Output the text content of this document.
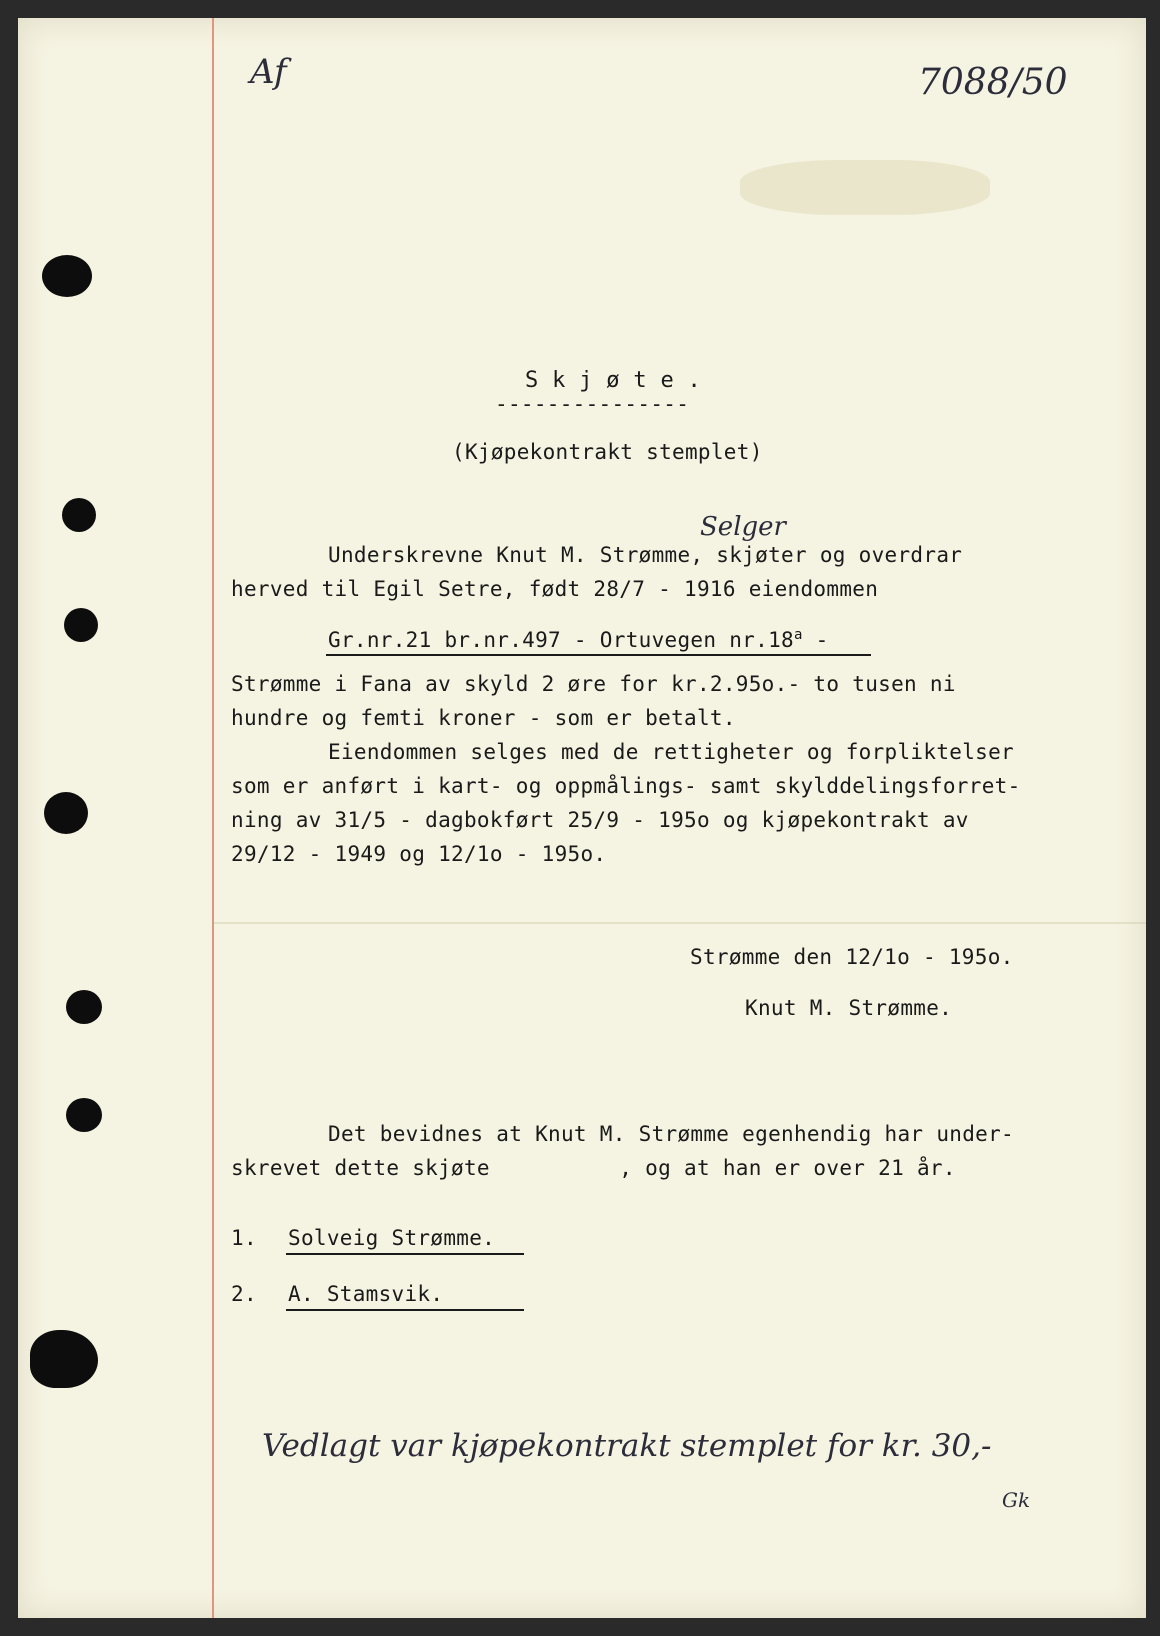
Af	7088/50
S k j ø t e .
---------------
(Kjøpekontrakt stemplet)
Selger
Underskrevne Knut M. Strømme, skjøter og overdrar
herved til Egil Setre, født 28/7 - 1916 eiendommen
Gr.nr.21 br.nr.497 - Ortuvegen nr.18$^a$ -
Strømme i Fana av skyld 2 øre for kr.2.95o.- to tusen ni
hundre og femti kroner - som er betalt.
Eiendommen selges med de rettigheter og forpliktelser
som er anført i kart- og oppmålings- samt skylddelingsforret-
ning av 31/5 - dagbokført 25/9 - 195o og kjøpekontrakt av
29/12 - 1949 og 12/1o - 195o.
Strømme den 12/1o - 195o.
Knut M. Strømme.
Det bevidnes at Knut M. Strømme egenhendig har under-
skrevet dette skjøte          , og at han er over 21 år.
1. Solveig Strømme.
2. A. Stamsvik.
Vedlagt var kjøpekontrakt stemplet for kr. 30,-
Gk
